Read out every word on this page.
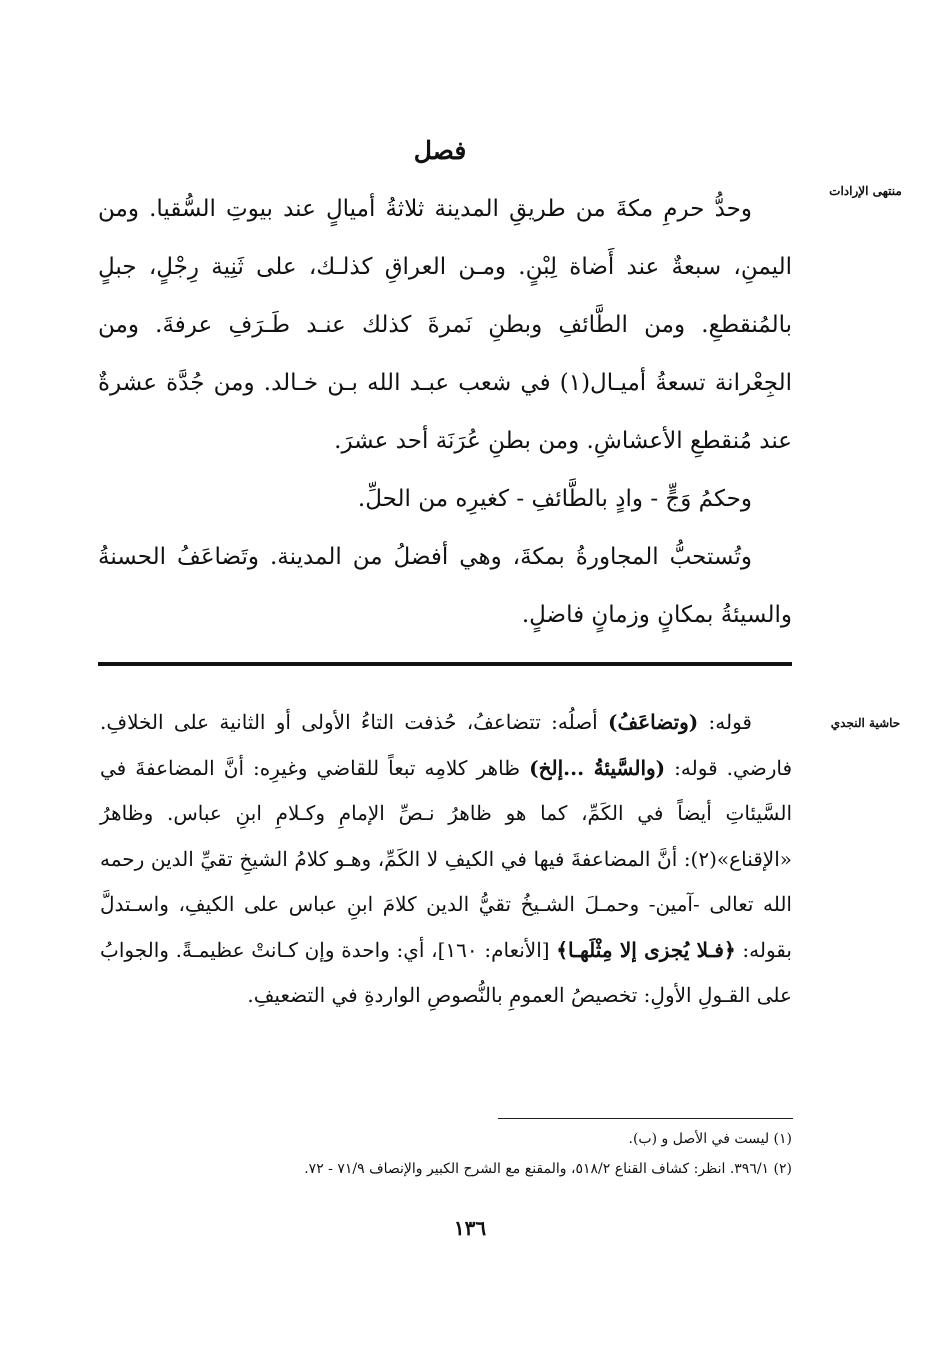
فصل
منتهى الإرادات

وحدُّ حرمِ مكةَ من طريقِ المدينة ثلاثةُ أميالٍ عند بيوتِ السُّقيا. ومن اليمنِ، سبعةٌ عند أَضاة لِبْنٍ. ومـن العراقِ كذلـك، على ثَنِية رِجْلٍ، جبلٍ بالمُنقطعِ. ومن الطَّائفِ وبطنِ نَمرةَ كذلك عنـد طَـرَفِ عرفةَ. ومن الجِعْرانة تسعةُ أميـال(١) في شعب عبـد الله بـن خـالد. ومن جُدَّة عشرةٌ عند مُنقطعِ الأعشاشِ. ومن بطنِ عُرَنَة أحد عشرَ.

وحكمُ وَجٍّ - وادٍ بالطَّائفِ - كغيرِه من الحلِّ.

وتُستحبُّ المجاورةُ بمكةَ، وهي أفضلُ من المدينة. وتَضاعَفُ الحسنةُ والسيئةُ بمكانٍ وزمانٍ فاضلٍ.

حاشية النجدي

قوله: (وتضاعَفُ) أصلُه: تتضاعفُ، حُذفت التاءُ الأولى أو الثانية على الخلافِ. فارضي. قوله: (والسَّيئةُ ...إلخ) ظاهر كلامِه تبعاً للقاضي وغيرِه: أنَّ المضاعفةَ في السَّيئاتِ أيضاً في الكَمِّ، كما هو ظاهرُ نـصِّ الإمامِ وكـلامِ ابنِ عباس. وظاهرُ «الإقناع»(٢): أنَّ المضاعفةَ فيها في الكيفِ لا الكَمِّ، وهـو كلامُ الشيخِ تقيِّ الدين رحمه الله تعالى -آمين- وحمـلَ الشـيخُ تقيُّ الدين كلامَ ابنِ عباس على الكيفِ، واسـتدلَّ بقوله: ﴿فـلا يُجزى إلا مِثْلَهـا﴾ [الأنعام: ١٦٠]، أي: واحدة وإن كـانتْ عظيمـةً. والجوابُ على القـولِ الأولِ: تخصيصُ العمومِ بالنُّصوصِ الواردةِ في التضعيفِ.

(١) ليست في الأصل و (ب).
(٢) ٣٩٦/١. انظر: كشاف القناع ٥١٨/٢، والمقنع مع الشرح الكبير والإنصاف ٧١/٩ - ٧٢.
١٣٦
